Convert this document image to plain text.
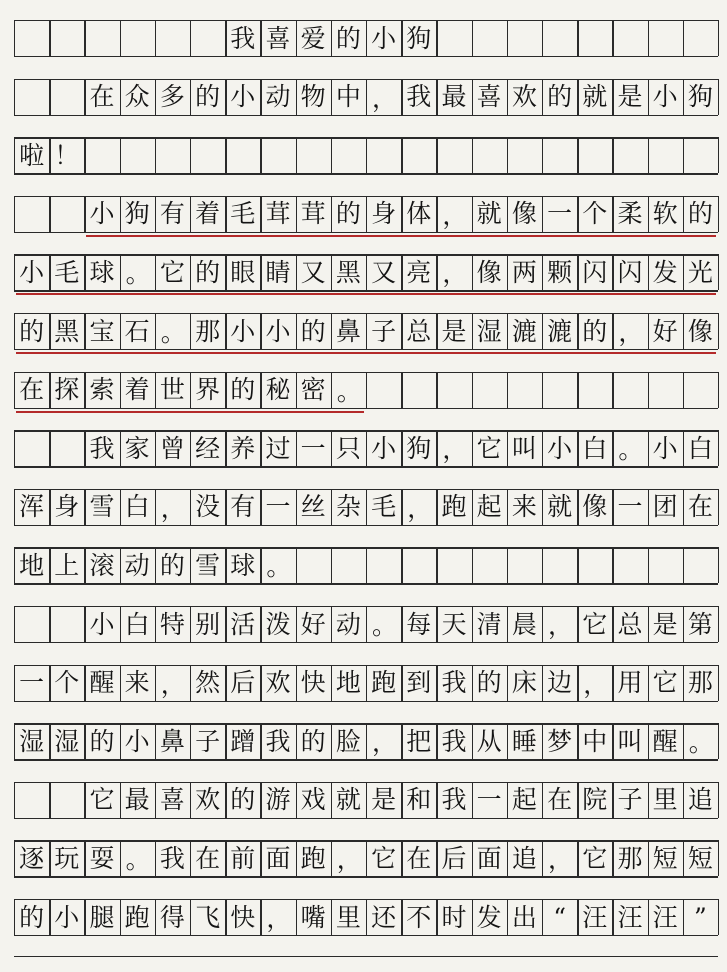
我 喜 爱 的 小 狗
在 众 多 的 小 动 物 中 ， 我 最 喜 欢 的 就 是 小 狗
啦 ！
小 狗 有 着 毛 茸 茸 的 身 体 ， 就 像 一 个 柔 软 的
小 毛 球 。 它 的 眼 睛 又 黑 又 亮 ， 像 两 颗 闪 闪 发 光
的 黑 宝 石 。 那 小 小 的 鼻 子 总 是 湿 漉 漉 的 ， 好 像
在 探 索 着 世 界 的 秘 密 。
我 家 曾 经 养 过 一 只 小 狗 ， 它 叫 小 白 。 小 白
浑 身 雪 白 ， 没 有 一 丝 杂 毛 ， 跑 起 来 就 像 一 团 在
地 上 滚 动 的 雪 球 。
小 白 特 别 活 泼 好 动 。 每 天 清 晨 ， 它 总 是 第
一 个 醒 来 ， 然 后 欢 快 地 跑 到 我 的 床 边 ， 用 它 那
湿 湿 的 小 鼻 子 蹭 我 的 脸 ， 把 我 从 睡 梦 中 叫 醒 。
它 最 喜 欢 的 游 戏 就 是 和 我 一 起 在 院 子 里 追
逐 玩 耍 。 我 在 前 面 跑 ， 它 在 后 面 追 ， 它 那 短 短
的 小 腿 跑 得 飞 快 ， 嘴 里 还 不 时 发 出 “ 汪 汪 汪 ”
